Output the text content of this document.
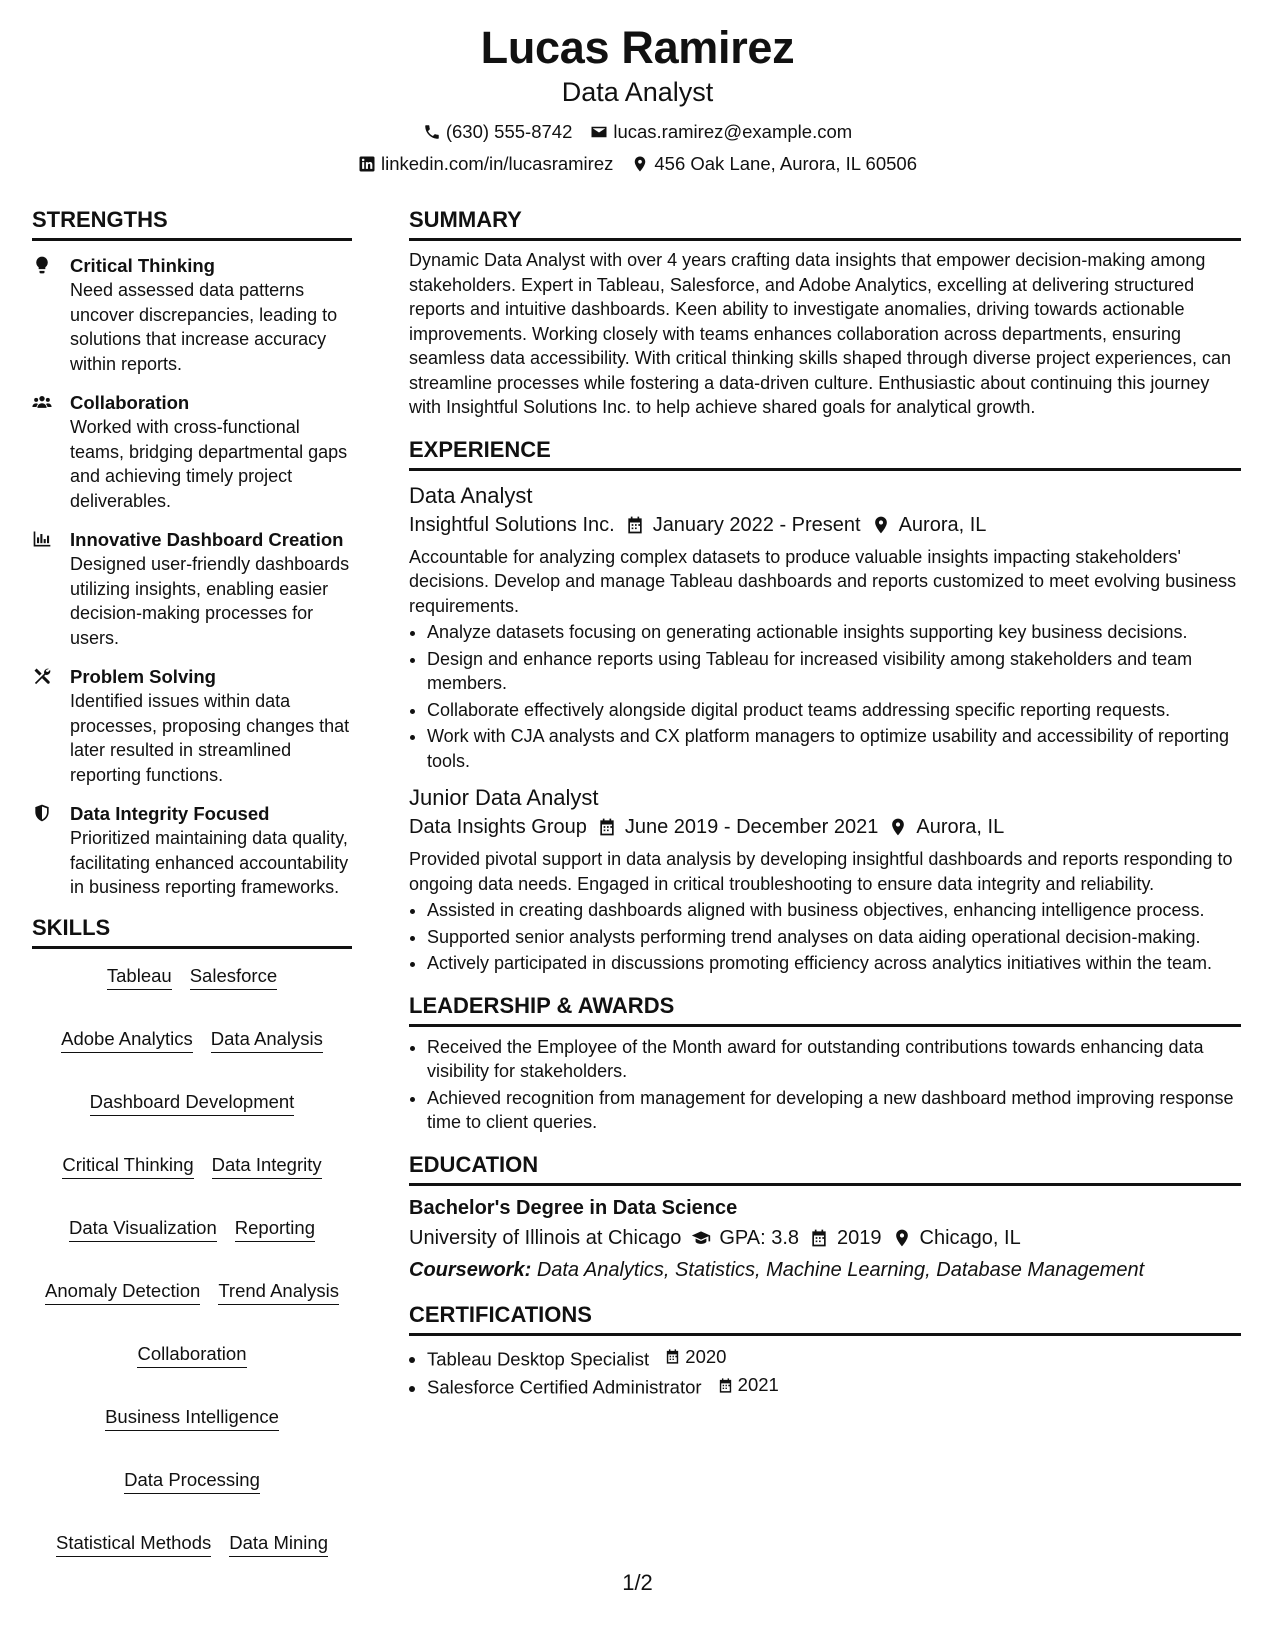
Lucas Ramirez
Data Analyst
(630) 555-8742 lucas.ramirez@example.com
linkedin.com/in/lucasramirez 456 Oak Lane, Aurora, IL 60506
STRENGTHS
Critical Thinking
Need assessed data patterns uncover discrepancies, leading to solutions that increase accuracy within reports.
Collaboration
Worked with cross-functional teams, bridging departmental gaps and achieving timely project deliverables.
Innovative Dashboard Creation
Designed user-friendly dashboards utilizing insights, enabling easier decision-making processes for users.
Problem Solving
Identified issues within data processes, proposing changes that later resulted in streamlined reporting functions.
Data Integrity Focused
Prioritized maintaining data quality, facilitating enhanced accountability in business reporting frameworks.
SKILLS
Tableau Salesforce
Adobe Analytics Data Analysis
Dashboard Development
Critical Thinking Data Integrity
Data Visualization Reporting
Anomaly Detection Trend Analysis
Collaboration
Business Intelligence
Data Processing
Statistical Methods Data Mining
SUMMARY

Dynamic Data Analyst with over 4 years crafting data insights that empower decision-making among stakeholders. Expert in Tableau, Salesforce, and Adobe Analytics, excelling at delivering structured reports and intuitive dashboards. Keen ability to investigate anomalies, driving towards actionable improvements. Working closely with teams enhances collaboration across departments, ensuring seamless data accessibility. With critical thinking skills shaped through diverse project experiences, can streamline processes while fostering a data-driven culture. Enthusiastic about continuing this journey with Insightful Solutions Inc. to help achieve shared goals for analytical growth.

EXPERIENCE
Data Analyst
Insightful Solutions Inc. January 2022 - Present Aurora, IL

Accountable for analyzing complex datasets to produce valuable insights impacting stakeholders' decisions. Develop and manage Tableau dashboards and reports customized to meet evolving business requirements.

• Analyze datasets focusing on generating actionable insights supporting key business decisions.
• Design and enhance reports using Tableau for increased visibility among stakeholders and team members.
• Collaborate effectively alongside digital product teams addressing specific reporting requests.
• Work with CJA analysts and CX platform managers to optimize usability and accessibility of reporting tools.
Junior Data Analyst
Data Insights Group June 2019 - December 2021 Aurora, IL

Provided pivotal support in data analysis by developing insightful dashboards and reports responding to ongoing data needs. Engaged in critical troubleshooting to ensure data integrity and reliability.

• Assisted in creating dashboards aligned with business objectives, enhancing intelligence process.
• Supported senior analysts performing trend analyses on data aiding operational decision-making.
• Actively participated in discussions promoting efficiency across analytics initiatives within the team.
LEADERSHIP & AWARDS
• Received the Employee of the Month award for outstanding contributions towards enhancing data visibility for stakeholders.
• Achieved recognition from management for developing a new dashboard method improving response time to client queries.
EDUCATION
Bachelor's Degree in Data Science
University of Illinois at Chicago GPA: 3.8 2019 Chicago, IL
Coursework: Data Analytics, Statistics, Machine Learning, Database Management
CERTIFICATIONS
• Tableau Desktop Specialist 2020
• Salesforce Certified Administrator 2021
1/2
